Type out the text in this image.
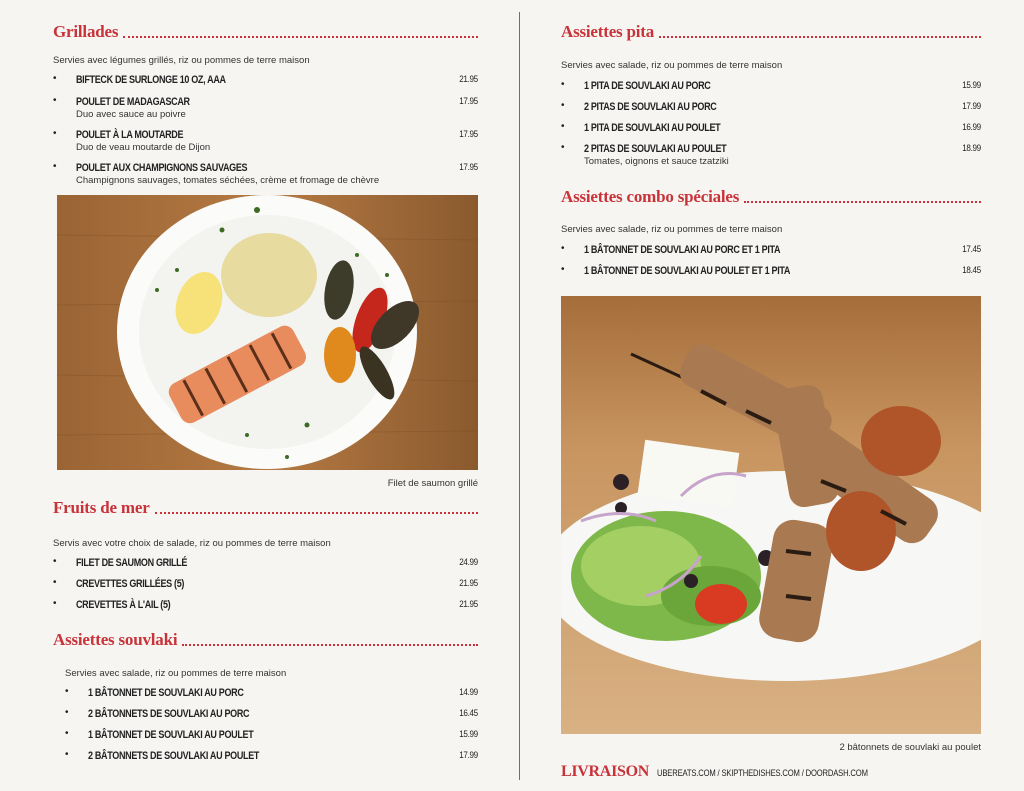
Grillades
Servies avec légumes grillés, riz ou pommes de terre maison
• BIFTECK DE SURLONGE 10 OZ, AAA	21.95
• POULET DE MADAGASCAR	17.95
Duo avec sauce au poivre
• POULET À LA MOUTARDE	17.95
Duo de veau moutarde de Dijon
• POULET AUX CHAMPIGNONS SAUVAGES	17.95
Champignons sauvages, tomates séchées, crème et fromage de chèvre
Filet de saumon grillé
Fruits de mer
Servis avec votre choix de salade, riz ou pommes de terre maison
• FILET DE SAUMON GRILLÉ	24.99
• CREVETTES GRILLÉES (5)	21.95
• CREVETTES À L'AIL (5)	21.95
Assiettes souvlaki
Servies avec salade, riz ou pommes de terre maison
• 1 BÂTONNET DE SOUVLAKI AU PORC	14.99
• 2 BÂTONNETS DE SOUVLAKI AU PORC	16.45
• 1 BÂTONNET DE SOUVLAKI AU POULET	15.99
• 2 BÂTONNETS DE SOUVLAKI AU POULET	17.99
Assiettes pita
Servies avec salade, riz ou pommes de terre maison
• 1 PITA DE SOUVLAKI AU PORC	15.99
• 2 PITAS DE SOUVLAKI AU PORC	17.99
• 1 PITA DE SOUVLAKI AU POULET	16.99
• 2 PITAS DE SOUVLAKI AU POULET	18.99
Tomates, oignons et sauce tzatziki
Assiettes combo spéciales
Servies avec salade, riz ou pommes de terre maison
• 1 BÂTONNET DE SOUVLAKI AU PORC ET 1 PITA	17.45
• 1 BÂTONNET DE SOUVLAKI AU POULET ET 1 PITA	18.45
2 bâtonnets de souvlaki au poulet
LIVRAISON UBEREATS.COM / SKIPTHEDISHES.COM / DOORDASH.COM
